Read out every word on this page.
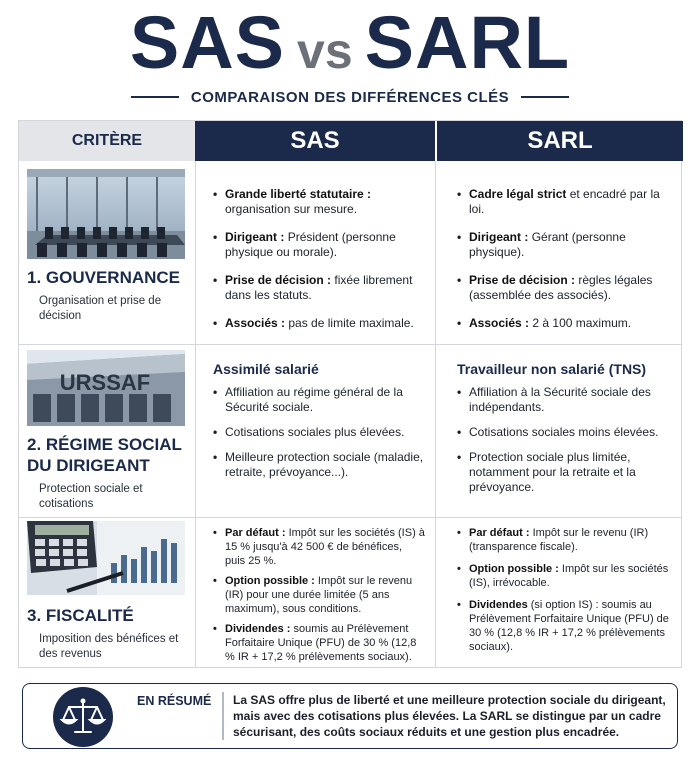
SAS vs SARL
COMPARAISON DES DIFFÉRENCES CLÉS
CRITÈRE	SAS	SARL
1. GOUVERNANCE
Organisation et prise de décision
• Grande liberté statutaire :
organisation sur mesure.
• Dirigeant : Président (personne physique ou morale).
• Prise de décision : fixée librement dans les statuts.
• Associés : pas de limite maximale.
• Cadre légal strict et encadré par la loi.
• Dirigeant : Gérant (personne physique).
• Prise de décision : règles légales (assemblée des associés).
• Associés : 2 à 100 maximum.
URSSAF
2. RÉGIME SOCIAL DU DIRIGEANT
Protection sociale et cotisations
Assimilé salarié
• Affiliation au régime général de la Sécurité sociale.
• Cotisations sociales plus élevées.
• Meilleure protection sociale (maladie, retraite, prévoyance...).
Travailleur non salarié (TNS)
• Affiliation à la Sécurité sociale des indépendants.
• Cotisations sociales moins élevées.
• Protection sociale plus limitée, notamment pour la retraite et la prévoyance.
3. FISCALITÉ
Imposition des bénéfices et des revenus
• Par défaut : Impôt sur les sociétés (IS) à 15 % jusqu'à 42 500 € de bénéfices, puis 25 %.
• Option possible : Impôt sur le revenu (IR) pour une durée limitée (5 ans maximum), sous conditions.
• Dividendes : soumis au Prélèvement Forfaitaire Unique (PFU) de 30 % (12,8 % IR + 17,2 % prélèvements sociaux).
• Par défaut : Impôt sur le revenu (IR) (transparence fiscale).
• Option possible : Impôt sur les sociétés (IS), irrévocable.
• Dividendes (si option IS) : soumis au Prélèvement Forfaitaire Unique (PFU) de 30 % (12,8 % IR + 17,2 % prélèvements sociaux).
EN RÉSUMÉ La SAS offre plus de liberté et une meilleure protection sociale du dirigeant, mais avec des cotisations plus élevées. La SARL se distingue par un cadre sécurisant, des coûts sociaux réduits et une gestion plus encadrée.
